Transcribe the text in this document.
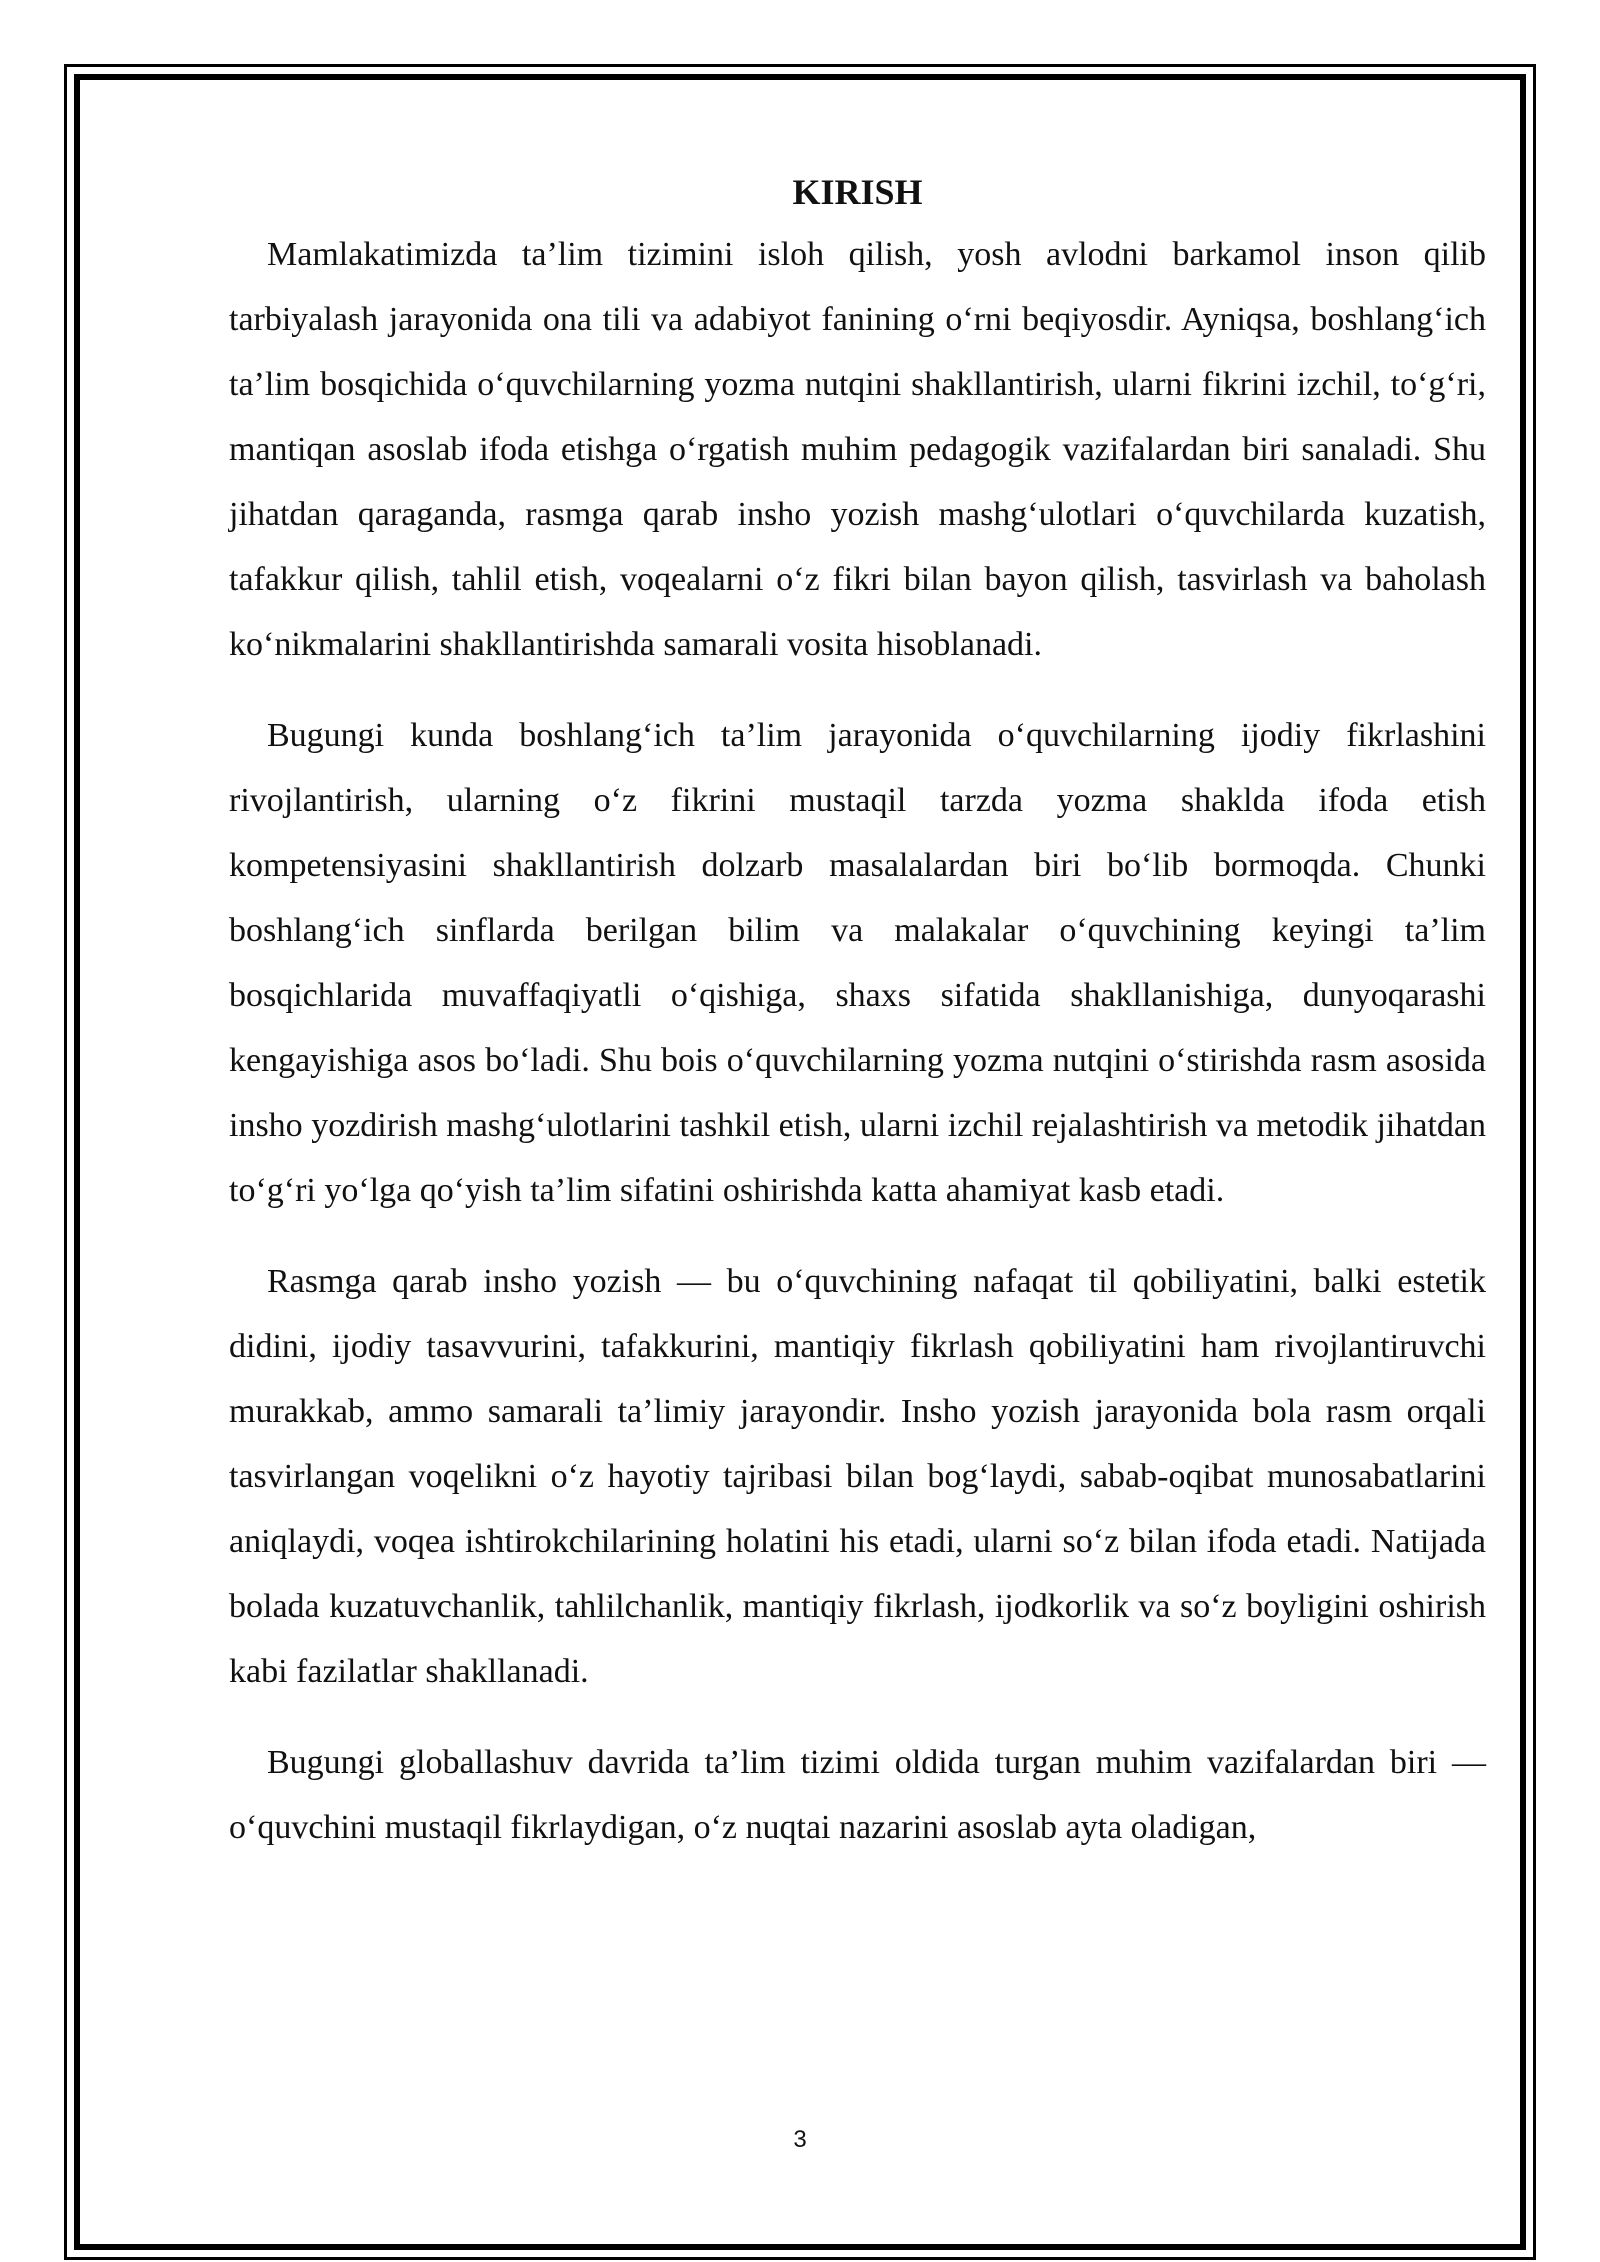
KIRISH

Mamlakatimizda ta’lim tizimini isloh qilish, yosh avlodni barkamol inson qilib tarbiyalash jarayonida ona tili va adabiyot fanining o‘rni beqiyosdir. Ayniqsa, boshlang‘ich ta’lim bosqichida o‘quvchilarning yozma nutqini shakllantirish, ularni fikrini izchil, to‘g‘ri, mantiqan asoslab ifoda etishga o‘rgatish muhim pedagogik vazifalardan biri sanaladi. Shu jihatdan qaraganda, rasmga qarab insho yozish mashg‘ulotlari o‘quvchilarda kuzatish, tafakkur qilish, tahlil etish, voqealarni o‘z fikri bilan bayon qilish, tasvirlash va baholash ko‘nikmalarini shakllantirishda samarali vosita hisoblanadi.

Bugungi kunda boshlang‘ich ta’lim jarayonida o‘quvchilarning ijodiy fikrlashini rivojlantirish, ularning o‘z fikrini mustaqil tarzda yozma shaklda ifoda etish kompetensiyasini shakllantirish dolzarb masalalardan biri bo‘lib bormoqda. Chunki boshlang‘ich sinflarda berilgan bilim va malakalar o‘quvchining keyingi ta’lim bosqichlarida muvaffaqiyatli o‘qishiga, shaxs sifatida shakllanishiga, dunyoqarashi kengayishiga asos bo‘ladi. Shu bois o‘quvchilarning yozma nutqini o‘stirishda rasm asosida insho yozdirish mashg‘ulotlarini tashkil etish, ularni izchil rejalashtirish va metodik jihatdan to‘g‘ri yo‘lga qo‘yish ta’lim sifatini oshirishda katta ahamiyat kasb etadi.

Rasmga qarab insho yozish — bu o‘quvchining nafaqat til qobiliyatini, balki estetik didini, ijodiy tasavvurini, tafakkurini, mantiqiy fikrlash qobiliyatini ham rivojlantiruvchi murakkab, ammo samarali ta’limiy jarayondir. Insho yozish jarayonida bola rasm orqali tasvirlangan voqelikni o‘z hayotiy tajribasi bilan bog‘laydi, sabab-oqibat munosabatlarini aniqlaydi, voqea ishtirokchilarining holatini his etadi, ularni so‘z bilan ifoda etadi. Natijada bolada kuzatuvchanlik, tahlilchanlik, mantiqiy fikrlash, ijodkorlik va so‘z boyligini oshirish kabi fazilatlar shakllanadi.

Bugungi globallashuv davrida ta’lim tizimi oldida turgan muhim vazifalardan biri — o‘quvchini mustaqil fikrlaydigan, o‘z nuqtai nazarini asoslab ayta oladigan,

3
